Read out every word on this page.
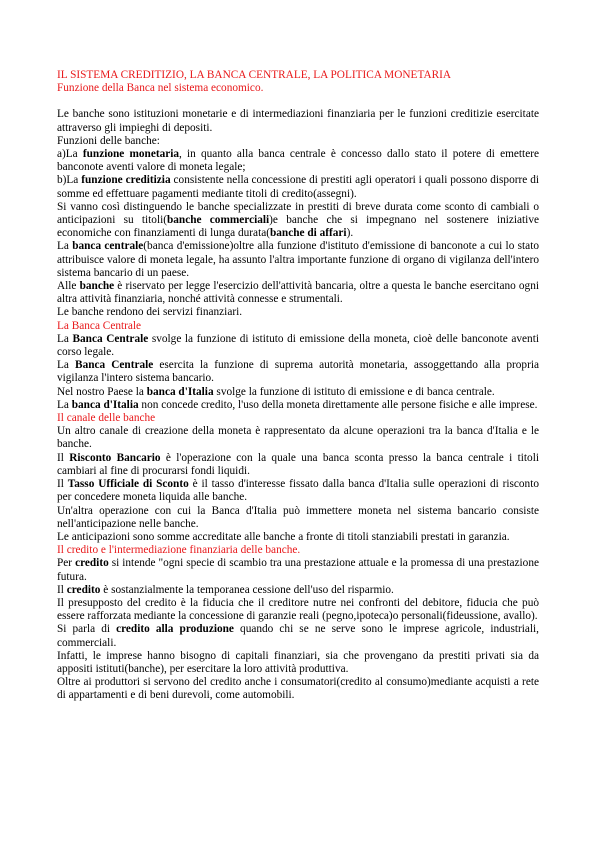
IL SISTEMA CREDITIZIO, LA BANCA CENTRALE, LA POLITICA MONETARIA

Funzione della Banca nel sistema economico.

Le banche sono istituzioni monetarie e di intermediazioni finanziaria per le funzioni creditizie esercitate attraverso gli impieghi di depositi.

Funzioni delle banche:

a)La funzione monetaria, in quanto alla banca centrale è concesso dallo stato il potere di emettere banconote aventi valore di moneta legale;

b)La funzione creditizia consistente nella concessione di prestiti agli operatori i quali possono disporre di somme ed effettuare pagamenti mediante titoli di credito(assegni).

Si vanno così distinguendo le banche specializzate in prestiti di breve durata come sconto di cambiali o anticipazioni su titoli(banche commerciali)e banche che si impegnano nel sostenere iniziative economiche con finanziamenti di lunga durata(banche di affari).

La banca centrale(banca d'emissione)oltre alla funzione d'istituto d'emissione di banconote a cui lo stato attribuisce valore di moneta legale, ha assunto l'altra importante funzione di organo di vigilanza dell'intero sistema bancario di un paese.

Alle banche è riservato per legge l'esercizio dell'attività bancaria, oltre a questa le banche esercitano ogni altra attività finanziaria, nonché attività connesse e strumentali.

Le banche rendono dei servizi finanziari.

La Banca Centrale

La Banca Centrale svolge la funzione di istituto di emissione della moneta, cioè delle banconote aventi corso legale.

La Banca Centrale esercita la funzione di suprema autorità monetaria, assoggettando alla propria vigilanza l'intero sistema bancario.

Nel nostro Paese la banca d'Italia svolge la funzione di istituto di emissione e di banca centrale.

La banca d'Italia non concede credito, l'uso della moneta direttamente alle persone fisiche e alle imprese.

Il canale delle banche

Un altro canale di creazione della moneta è rappresentato da alcune operazioni tra la banca d'Italia e le banche.

Il Risconto Bancario è l'operazione con la quale una banca sconta presso la banca centrale i titoli cambiari al fine di procurarsi fondi liquidi.

Il Tasso Ufficiale di Sconto è il tasso d'interesse fissato dalla banca d'Italia sulle operazioni di risconto per concedere moneta liquida alle banche.

Un'altra operazione con cui la Banca d'Italia può immettere moneta nel sistema bancario consiste nell'anticipazione nelle banche.

Le anticipazioni sono somme accreditate alle banche a fronte di titoli stanziabili prestati in garanzia.

Il credito e l'intermediazione finanziaria delle banche.

Per credito si intende "ogni specie di scambio tra una prestazione attuale e la promessa di una prestazione futura.

Il credito è sostanzialmente la temporanea cessione dell'uso del risparmio.

Il presupposto del credito è la fiducia che il creditore nutre nei confronti del debitore, fiducia che può essere rafforzata mediante la concessione di garanzie reali (pegno,ipoteca)o personali(fideussione, avallo).

Si parla di credito alla produzione quando chi se ne serve sono le imprese agricole, industriali, commerciali.

Infatti, le imprese hanno bisogno di capitali finanziari, sia che provengano da prestiti privati sia da appositi istituti(banche), per esercitare la loro attività produttiva.

Oltre ai produttori si servono del credito anche i consumatori(credito al consumo)mediante acquisti a rete di appartamenti e di beni durevoli, come automobili.
